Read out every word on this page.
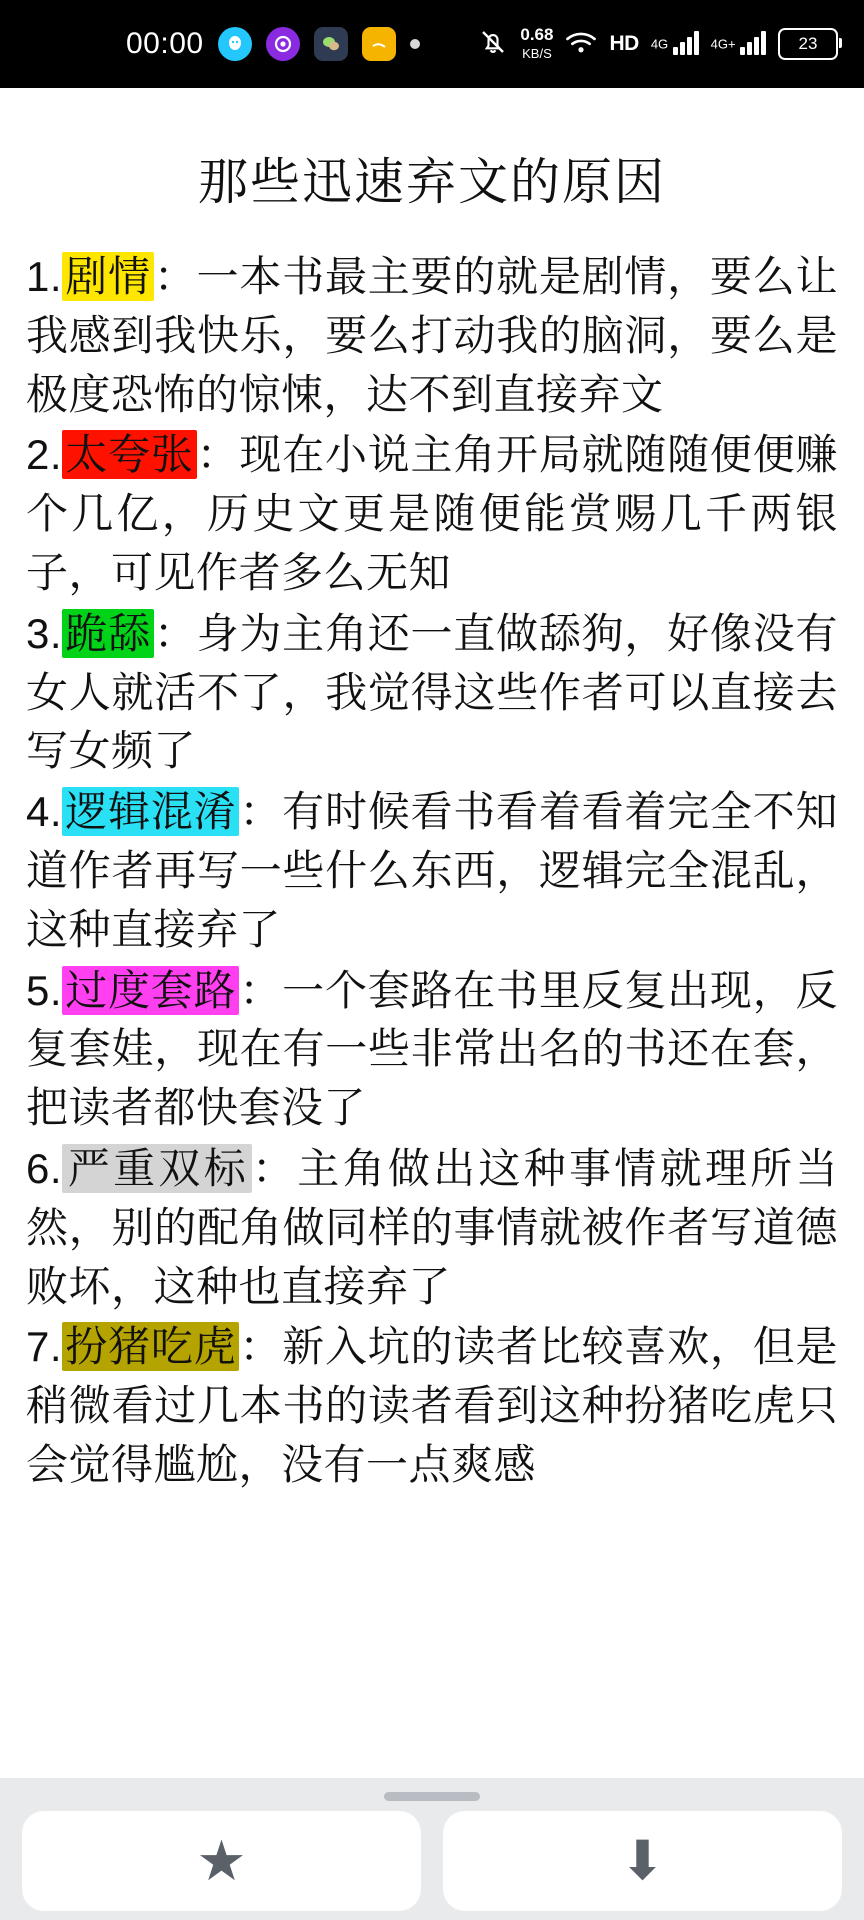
00:00	0.68
KB/S	HD $^{4G}$	$^{4G+}$	23
那些迅速弃文的原因

1.剧情：一本书最主要的就是剧情，要么让我感到我快乐，要么打动我的脑洞，要么是极度恐怖的惊悚，达不到直接弃文

2.太夸张：现在小说主角开局就随随便便赚个几亿，历史文更是随便能赏赐几千两银子，可见作者多么无知

3.跪舔：身为主角还一直做舔狗，好像没有女人就活不了，我觉得这些作者可以直接去写女频了

4.逻辑混淆：有时候看书看着看着完全不知道作者再写一些什么东西，逻辑完全混乱，这种直接弃了

5.过度套路：一个套路在书里反复出现，反复套娃，现在有一些非常出名的书还在套，把读者都快套没了

6.严重双标：主角做出这种事情就理所当然，别的配角做同样的事情就被作者写道德败坏，这种也直接弃了

7.扮猪吃虎：新入坑的读者比较喜欢，但是稍微看过几本书的读者看到这种扮猪吃虎只会觉得尴尬，没有一点爽感

★	⬇
